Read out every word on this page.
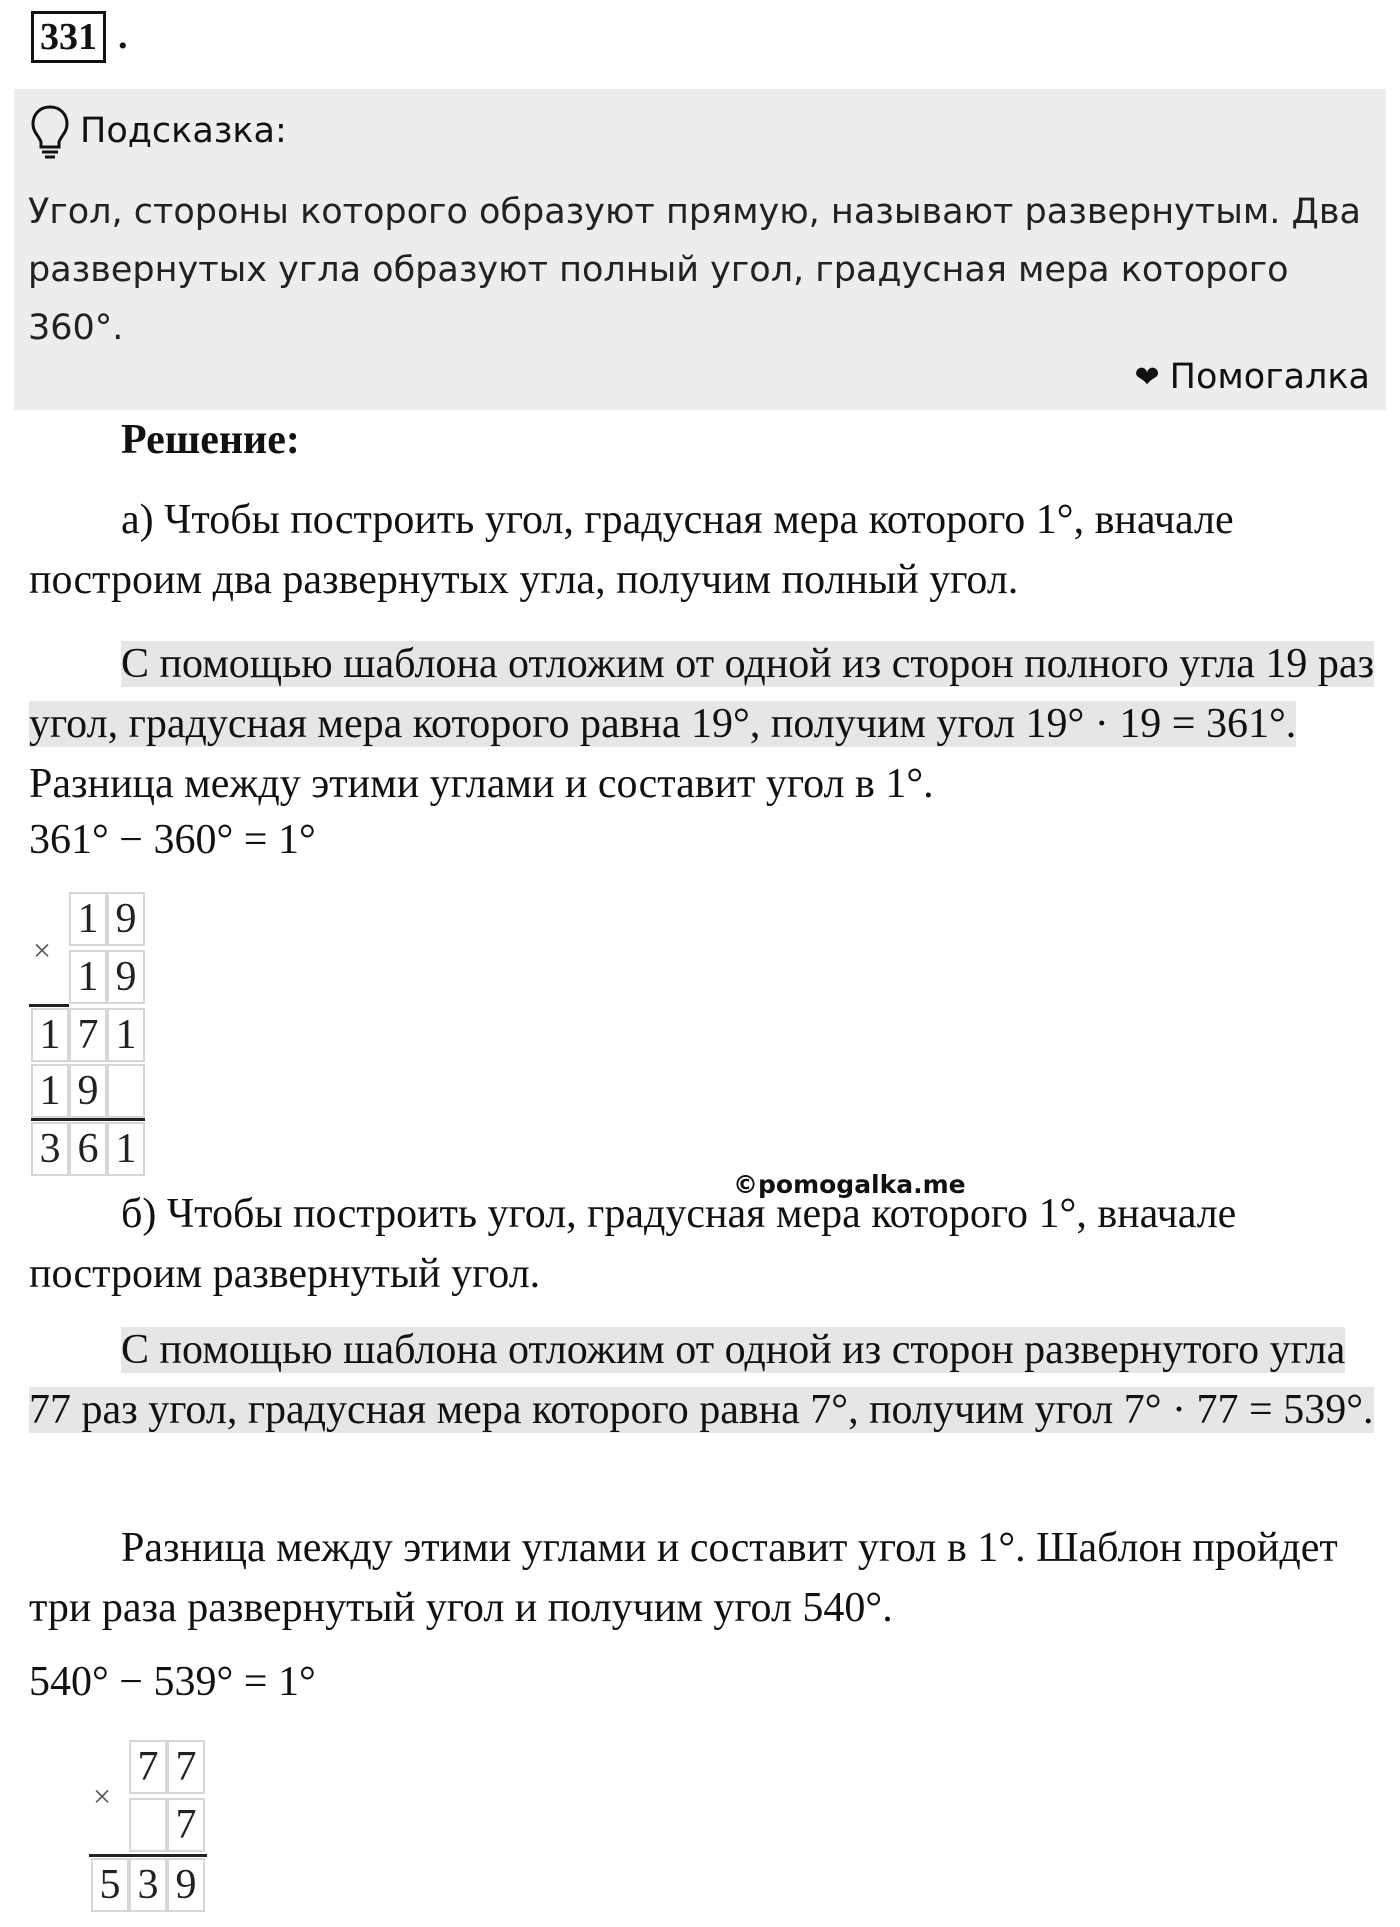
331 .
Подсказка:

Угол, стороны которого образуют прямую, называют развернутым. Два развернутых угла образуют полный угол, градусная мера которого 360°.

❤ Помогалка
Решение:

а) Чтобы построить угол, градусная мера которого 1°, вначале построим два развернутых угла, получим полный угол.

С помощью шаблона отложим от одной из сторон полного угла 19 раз угол, градусная мера которого равна 19°, получим угол 19° · 19 = 361°. Разница между этими углами и составит угол в 1°.

361° − 360° = 1°

×
1 9
1 9
1 7 1
1 9
3 6 1
©pomogalka.me

б) Чтобы построить угол, градусная мера которого 1°, вначале построим развернутый угол.

С помощью шаблона отложим от одной из сторон развернутого угла 77 раз угол, градусная мера которого равна 7°, получим угол 7° · 77 = 539°.

Разница между этими углами и составит угол в 1°. Шаблон пройдет три раза развернутый угол и получим угол 540°.

540° − 539° = 1°

×
7 7
7
5 3 9
